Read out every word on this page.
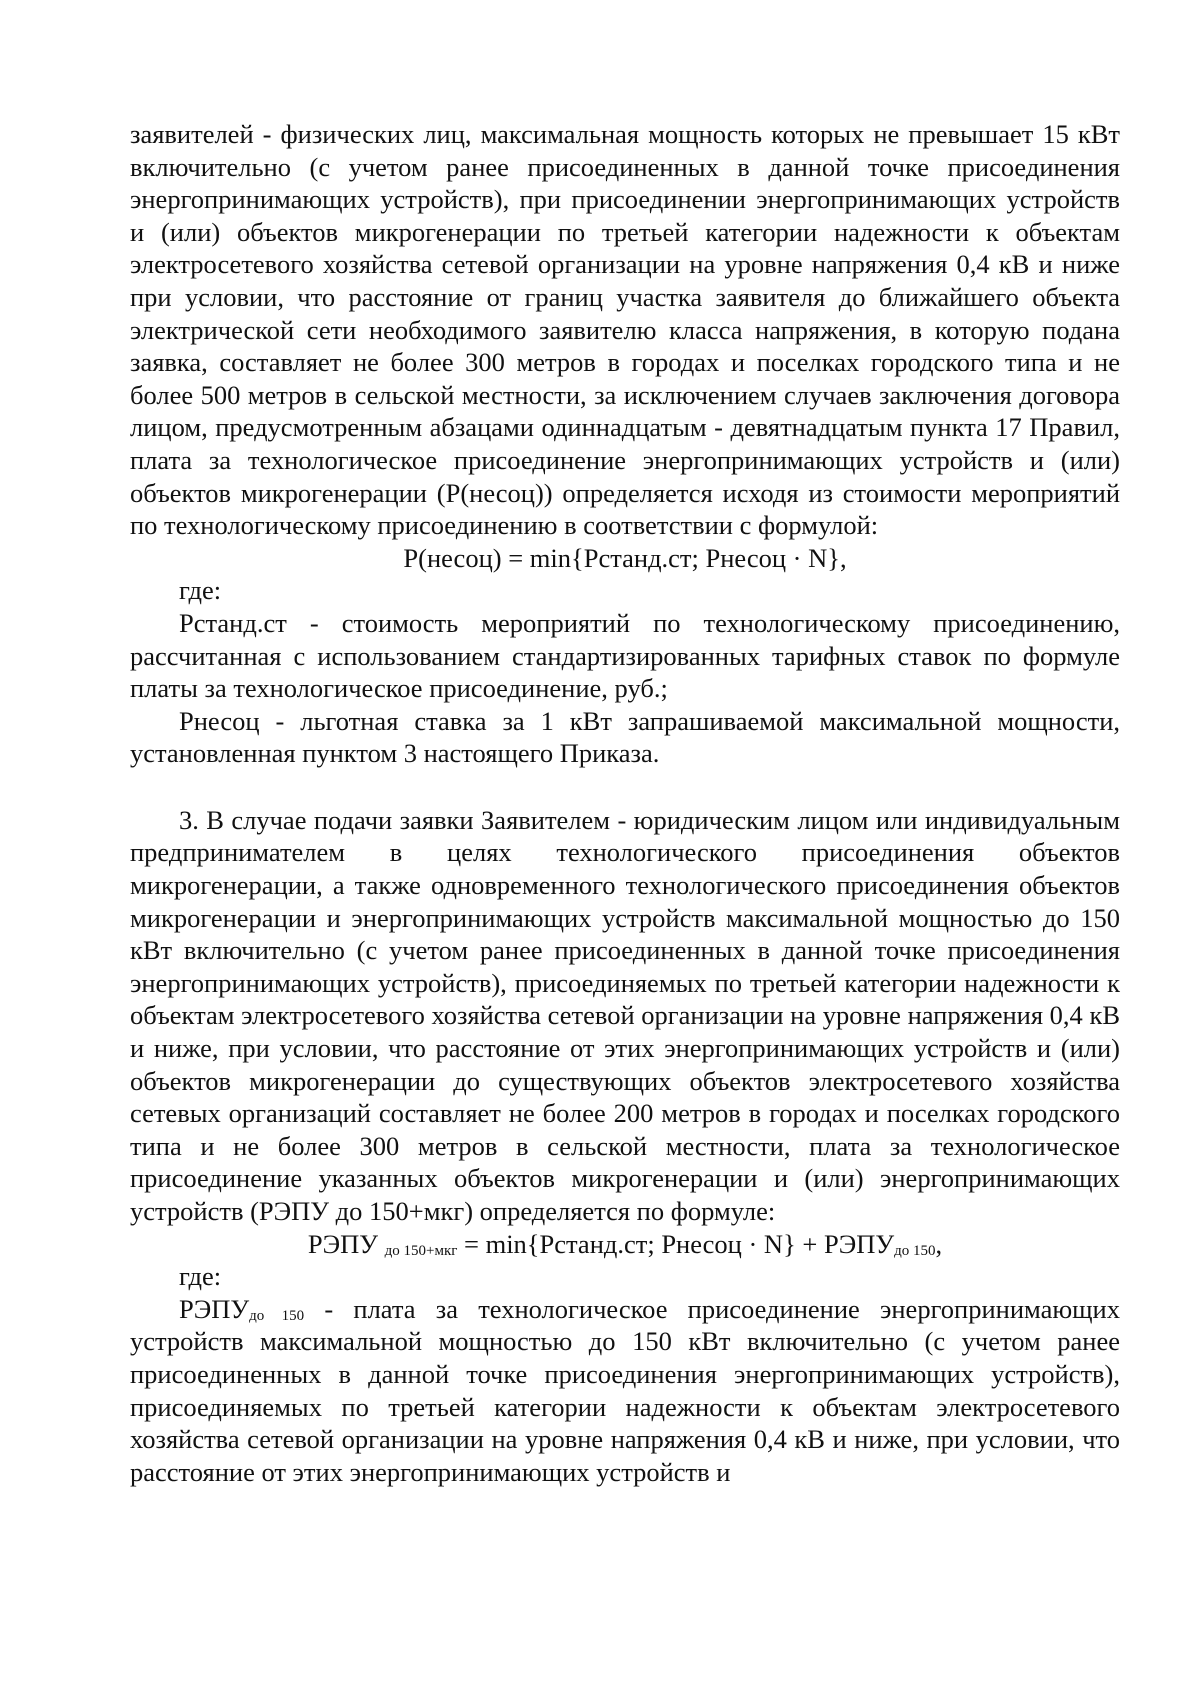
заявителей - физических лиц, максимальная мощность которых не превышает 15 кВт включительно (с учетом ранее присоединенных в данной точке присоединения энергопринимающих устройств), при присоединении энергопринимающих устройств и (или) объектов микрогенерации по третьей категории надежности к объектам электросетевого хозяйства сетевой организации на уровне напряжения 0,4 кВ и ниже при условии, что расстояние от границ участка заявителя до ближайшего объекта электрической сети необходимого заявителю класса напряжения, в которую подана заявка, составляет не более 300 метров в городах и поселках городского типа и не более 500 метров в сельской местности, за исключением случаев заключения договора лицом, предусмотренным абзацами одиннадцатым - девятнадцатым пункта 17 Правил, плата за технологическое присоединение энергопринимающих устройств и (или) объектов микрогенерации (Р(несоц)) определяется исходя из стоимости мероприятий по технологическому присоединению в соответствии с формулой:

Р(несоц) = min{Рстанд.ст; Рнесоц · N},

где:

Рстанд.ст - стоимость мероприятий по технологическому присоединению, рассчитанная с использованием стандартизированных тарифных ставок по формуле платы за технологическое присоединение, руб.;

Рнесоц - льготная ставка за 1 кВт запрашиваемой максимальной мощности, установленная пунктом 3 настоящего Приказа.

3. В случае подачи заявки Заявителем - юридическим лицом или индивидуальным предпринимателем в целях технологического присоединения объектов микрогенерации, а также одновременного технологического присоединения объектов микрогенерации и энергопринимающих устройств максимальной мощностью до 150 кВт включительно (с учетом ранее присоединенных в данной точке присоединения энергопринимающих устройств), присоединяемых по третьей категории надежности к объектам электросетевого хозяйства сетевой организации на уровне напряжения 0,4 кВ и ниже, при условии, что расстояние от этих энергопринимающих устройств и (или) объектов микрогенерации до существующих объектов электросетевого хозяйства сетевых организаций составляет не более 200 метров в городах и поселках городского типа и не более 300 метров в сельской местности, плата за технологическое присоединение указанных объектов микрогенерации и (или) энергопринимающих устройств (РЭПУ до 150+мкг) определяется по формуле:

РЭПУ $_{до 150+мкг}$ = min{Рстанд.ст; Рнесоц · $N\} + РЭПУ_{до 150}$,

где:

$РЭПУ_{до 150}$ - плата за технологическое присоединение энергопринимающих устройств максимальной мощностью до 150 кВт включительно (с учетом ранее присоединенных в данной точке присоединения энергопринимающих устройств), присоединяемых по третьей категории надежности к объектам электросетевого хозяйства сетевой организации на уровне напряжения 0,4 кВ и ниже, при условии, что расстояние от этих энергопринимающих устройств и
